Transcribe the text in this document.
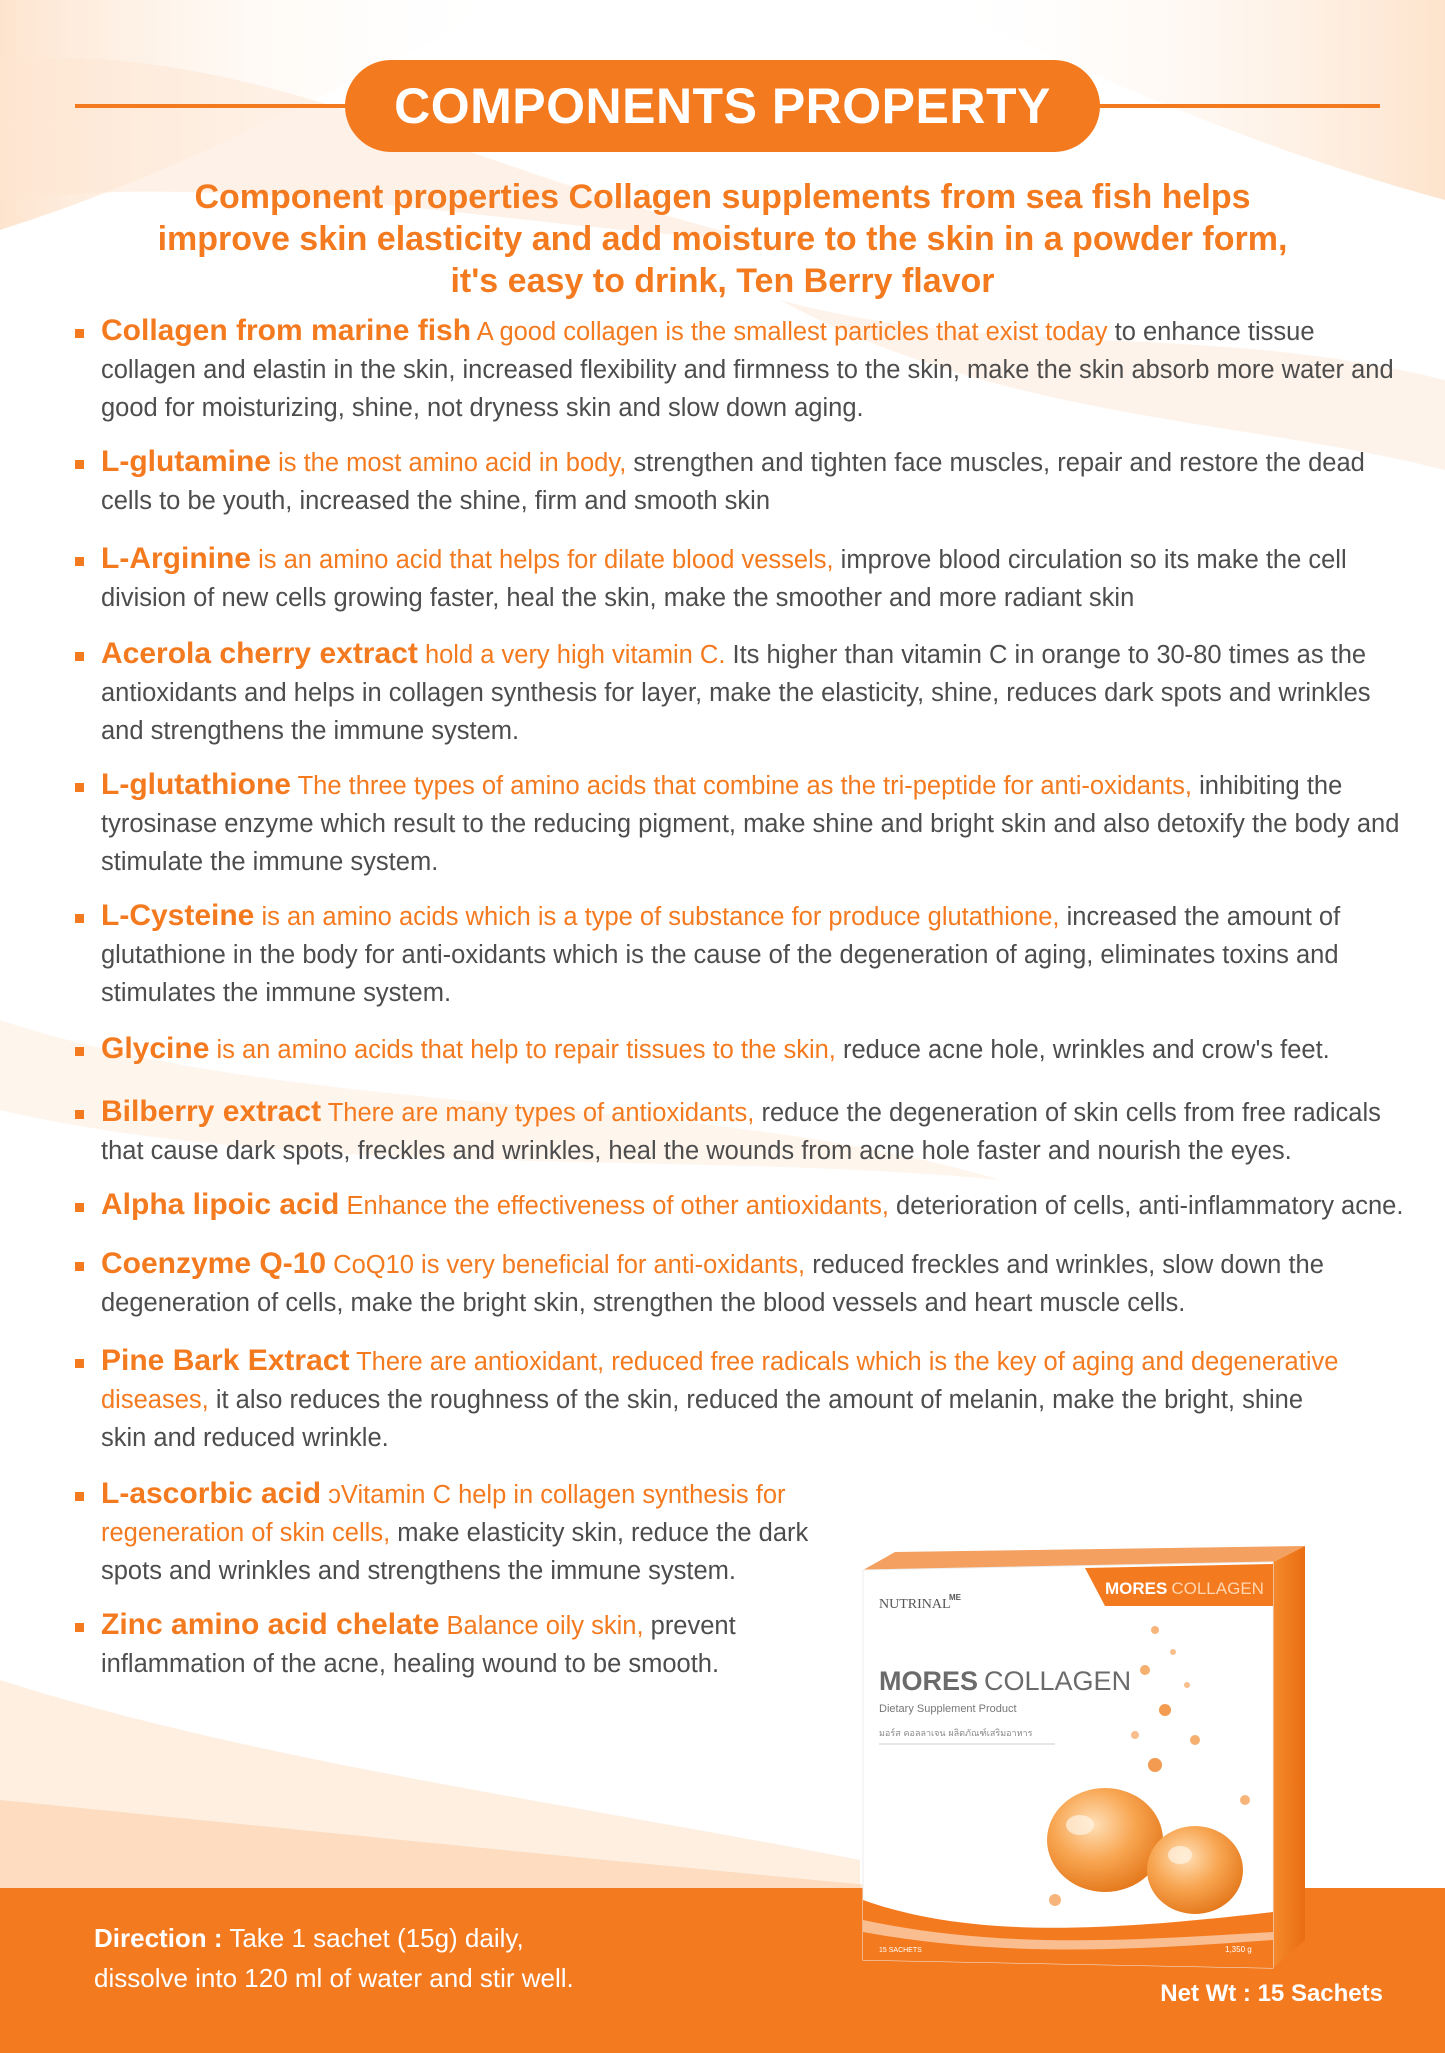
COMPONENTS PROPERTY
Component properties Collagen supplements from sea fish helps
improve skin elasticity and add moisture to the skin in a powder form,
it's easy to drink, Ten Berry flavor
Collagen from marine fish A good collagen is the smallest particles that exist today to enhance tissue collagen and elastin in the skin, increased flexibility and firmness to the skin, make the skin absorb more water and good for moisturizing, shine, not dryness skin and slow down aging.
L-glutamine is the most amino acid in body, strengthen and tighten face muscles, repair and restore the dead cells to be youth, increased the shine, firm and smooth skin
L-Arginine is an amino acid that helps for dilate blood vessels, improve blood circulation so its make the cell division of new cells growing faster, heal the skin, make the smoother and more radiant skin
Acerola cherry extract hold a very high vitamin C. Its higher than vitamin C in orange to 30-80 times as the antioxidants and helps in collagen synthesis for layer, make the elasticity, shine, reduces dark spots and wrinkles and strengthens the immune system.
L-glutathione The three types of amino acids that combine as the tri-peptide for anti-oxidants, inhibiting the tyrosinase enzyme which result to the reducing pigment, make shine and bright skin and also detoxify the body and stimulate the immune system.
L-Cysteine is an amino acids which is a type of substance for produce glutathione, increased the amount of glutathione in the body for anti-oxidants which is the cause of the degeneration of aging, eliminates toxins and stimulates the immune system.
Glycine is an amino acids that help to repair tissues to the skin, reduce acne hole, wrinkles and crow's feet.
Bilberry extract There are many types of antioxidants, reduce the degeneration of skin cells from free radicals that cause dark spots, freckles and wrinkles, heal the wounds from acne hole faster and nourish the eyes.
Alpha lipoic acid Enhance the effectiveness of other antioxidants, deterioration of cells, anti-inflammatory acne.
Coenzyme Q-10 CoQ10 is very beneficial for anti-oxidants, reduced freckles and wrinkles, slow down the degeneration of cells, make the bright skin, strengthen the blood vessels and heart muscle cells.
Pine Bark Extract There are antioxidant, reduced free radicals which is the key of aging and degenerative diseases, it also reduces the roughness of the skin, reduced the amount of melanin, make the bright, shine skin and reduced wrinkle.
L-ascorbic acid ɔVitamin C help in collagen synthesis for regeneration of skin cells, make elasticity skin, reduce the dark spots and wrinkles and strengthens the immune system.
Zinc amino acid chelate Balance oily skin, prevent inflammation of the acne, healing wound to be smooth.
Direction : Take 1 sachet (15g) daily,
dissolve into 120 ml of water and stir well.
Net Wt : 15 Sachets
MORES COLLAGEN
NUTRINAL
ME
MORES COLLAGEN
Dietary Supplement Product
มอร์ส คอลลาเจน ผลิตภัณฑ์เสริมอาหาร
15 SACHETS	1,350 g
